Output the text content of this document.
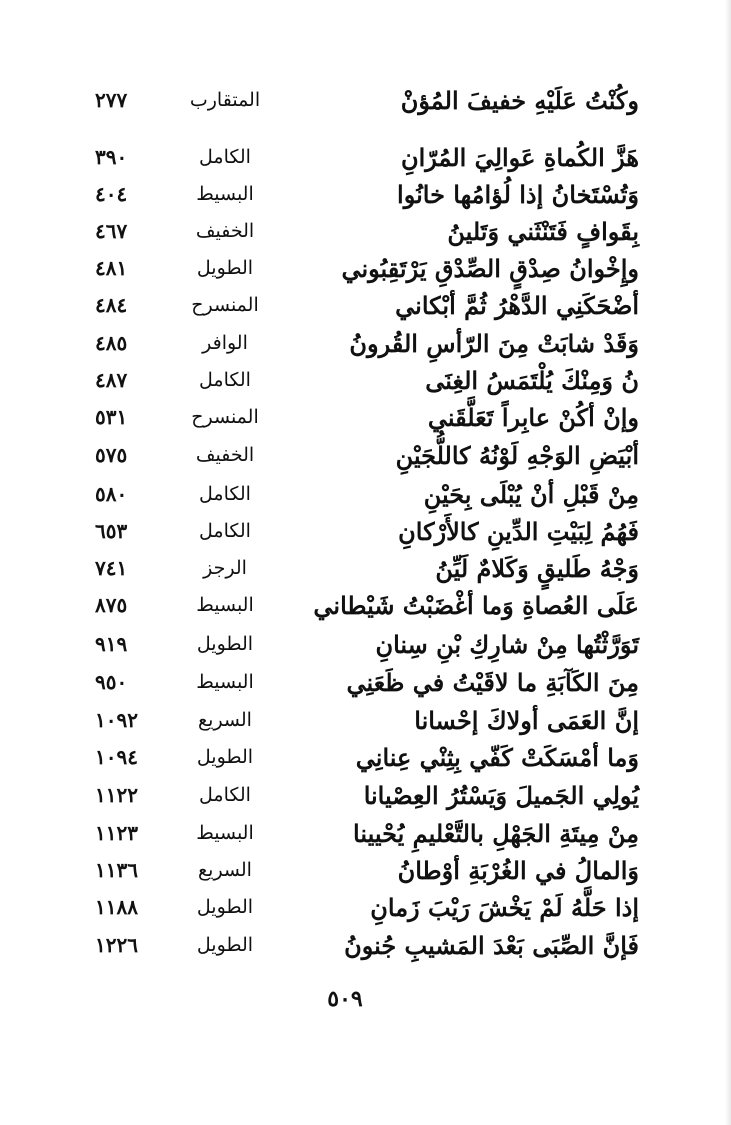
وكُنْتُ عَلَيْهِ خفيفَ المُؤنْ
المتقارب
٢٧٧
هَزَّ الكُماةِ عَوالِيَ المُرّانِ
الكامل
٣٩٠
وَتُسْتَخانُ إذا لُؤامُها خانُوا
البسيط
٤٠٤
بِقَوافٍ فَتَنْثَني وَتَلينُ
الخفيف
٤٦٧
وإِخْوانُ صِدْقٍ الصِّدْقِ يَرْتَقِبُوني
الطويل
٤٨١
أضْحَكَنِي الدَّهْرُ ثُمَّ أبْكاني
المنسرح
٤٨٤
وَقَدْ شابَتْ مِنَ الرّأسِ القُرونُ
الوافر
٤٨٥
نُ وَمِنْكَ يُلْتَمَسُ الغِنَى
الكامل
٤٨٧
وإنْ أكُنْ عابِراً تَعَلَّقَني
المنسرح
٥٣١
أبْيَضِ الوَجْهِ لَوْنُهُ كاللُّجَيْنِ
الخفيف
٥٧٥
مِنْ قَبْلِ أنْ يُبْلَى بِحَيْنِ
الكامل
٥٨٠
فَهُمُ لِبَيْتِ الدِّينِ كالأَرْكانِ
الكامل
٦٥٣
وَجْهُ طَليقٍ وَكَلامٌ لَيِّنُ
الرجز
٧٤١
عَلَى العُصاةِ وَما أغْضَبْتُ شَيْطاني
البسيط
٨٧٥
تَوَرَّثْتُها مِنْ شارِكِ بْنِ سِنانِ
الطويل
٩١٩
مِنَ الكَآبَةِ ما لاقَيْتُ في ظَعَنِي
البسيط
٩٥٠
إنَّ العَمَى أولاكَ إحْسانا
السريع
١٠٩٢
وَما أمْسَكَتْ كَفّي بِثِنْي عِنانِي
الطويل
١٠٩٤
يُولِي الجَميلَ وَيَسْتُرُ العِصْيانا
الكامل
١١٢٢
مِنْ مِيتَةِ الجَهْلِ بالتَّعْليمِ يُحْيينا
البسيط
١١٢٣
وَالمالُ في الغُرْبَةِ أوْطانُ
السريع
١١٣٦
إذا حَلَّهُ لَمْ يَخْشَ رَيْبَ زَمانِ
الطويل
١١٨٨
فَإنَّ الصِّبَى بَعْدَ المَشيبِ جُنونُ
الطويل
١٢٢٦
٥٠٩
